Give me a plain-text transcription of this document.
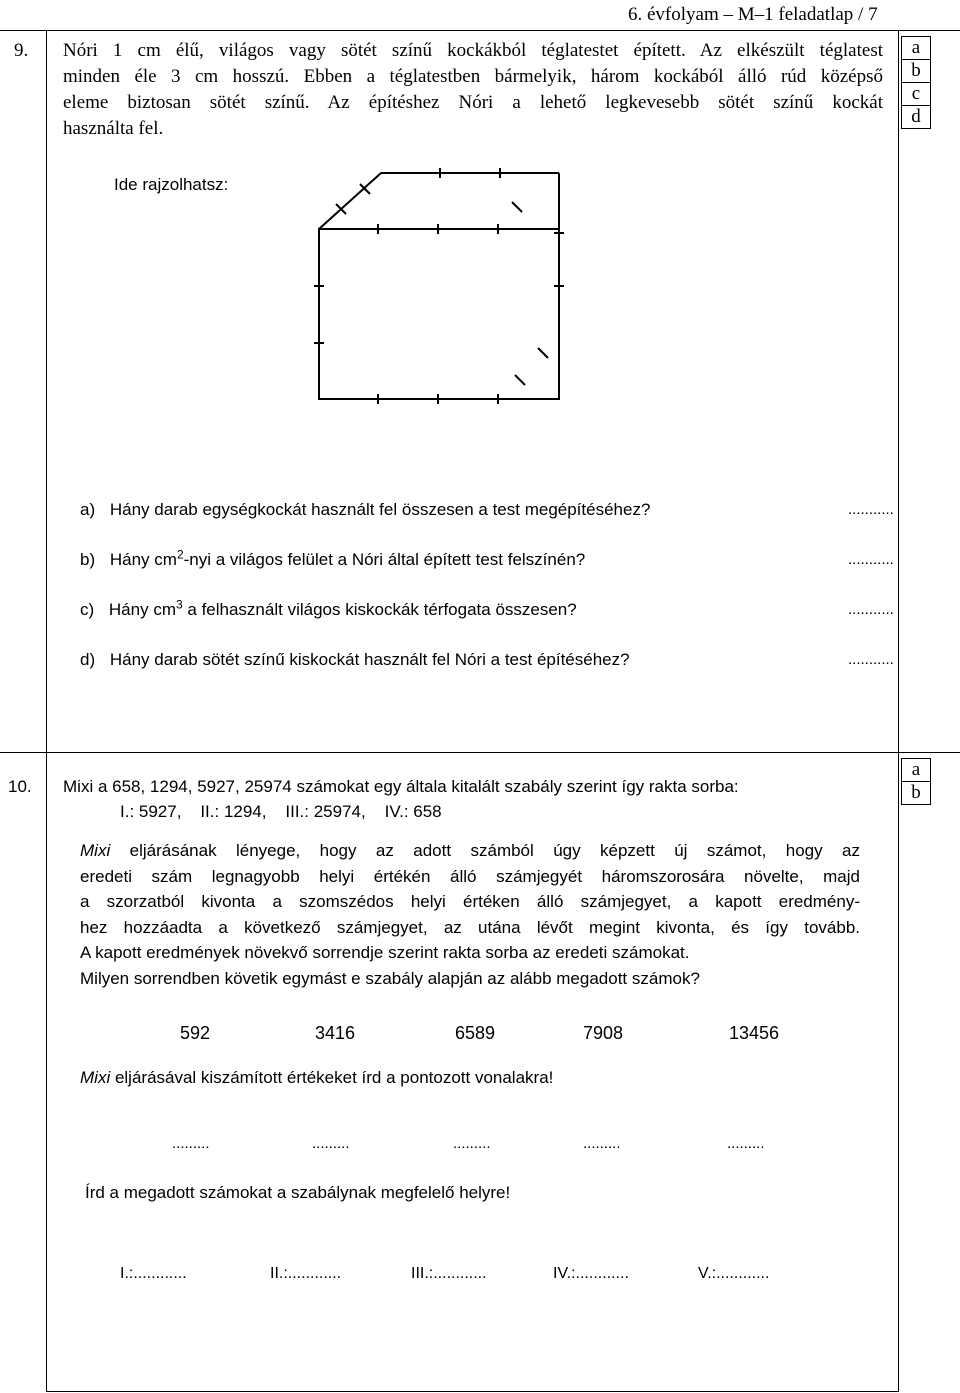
6. évfolyam – M–1 feladatlap / 7
9. Nóri 1 cm élű, világos vagy sötét színű kockákból téglatestet épített. Az elkészült téglatest
minden éle 3 cm hosszú. Ebben a téglatestben bármelyik, három kockából álló rúd középső
eleme biztosan sötét színű. Az építéshez Nóri a lehető legkevesebb sötét színű kockát
használta fel.
a
b
c
d
Ide rajzolhatsz:
a) Hány darab egységkockát használt fel összesen a test megépítéséhez?	...........
b) Hány $cm^2$-nyi a világos felület a Nóri által épített test felszínén?	...........
c) Hány $cm^3$ a felhasznált világos kiskockák térfogata összesen?	...........
d) Hány darab sötét színű kiskockát használt fel Nóri a test építéséhez?	...........
10. Mixi a 658, 1294, 5927, 25974 számokat egy általa kitalált szabály szerint így rakta sorba:
I.: 5927,    II.: 1294,    III.: 25974,    IV.: 658
a
b
Mixi eljárásának lényege, hogy az adott számból úgy képzett új számot, hogy az
eredeti szám legnagyobb helyi értékén álló számjegyét háromszorosára növelte, majd
a szorzatból kivonta a szomszédos helyi értéken álló számjegyet, a kapott eredmény-
hez hozzáadta a következő számjegyet, az utána lévőt megint kivonta, és így tovább.
A kapott eredmények növekvő sorrendje szerint rakta sorba az eredeti számokat.
Milyen sorrendben követik egymást e szabály alapján az alább megadott számok?
592	3416	6589	7908	13456
Mixi eljárásával kiszámított értékeket írd a pontozott vonalakra!
.........	.........	.........	.........	.........
Írd a megadott számokat a szabálynak megfelelő helyre!
I.:............	II.:............	III.:............	IV.:............	V.:............
